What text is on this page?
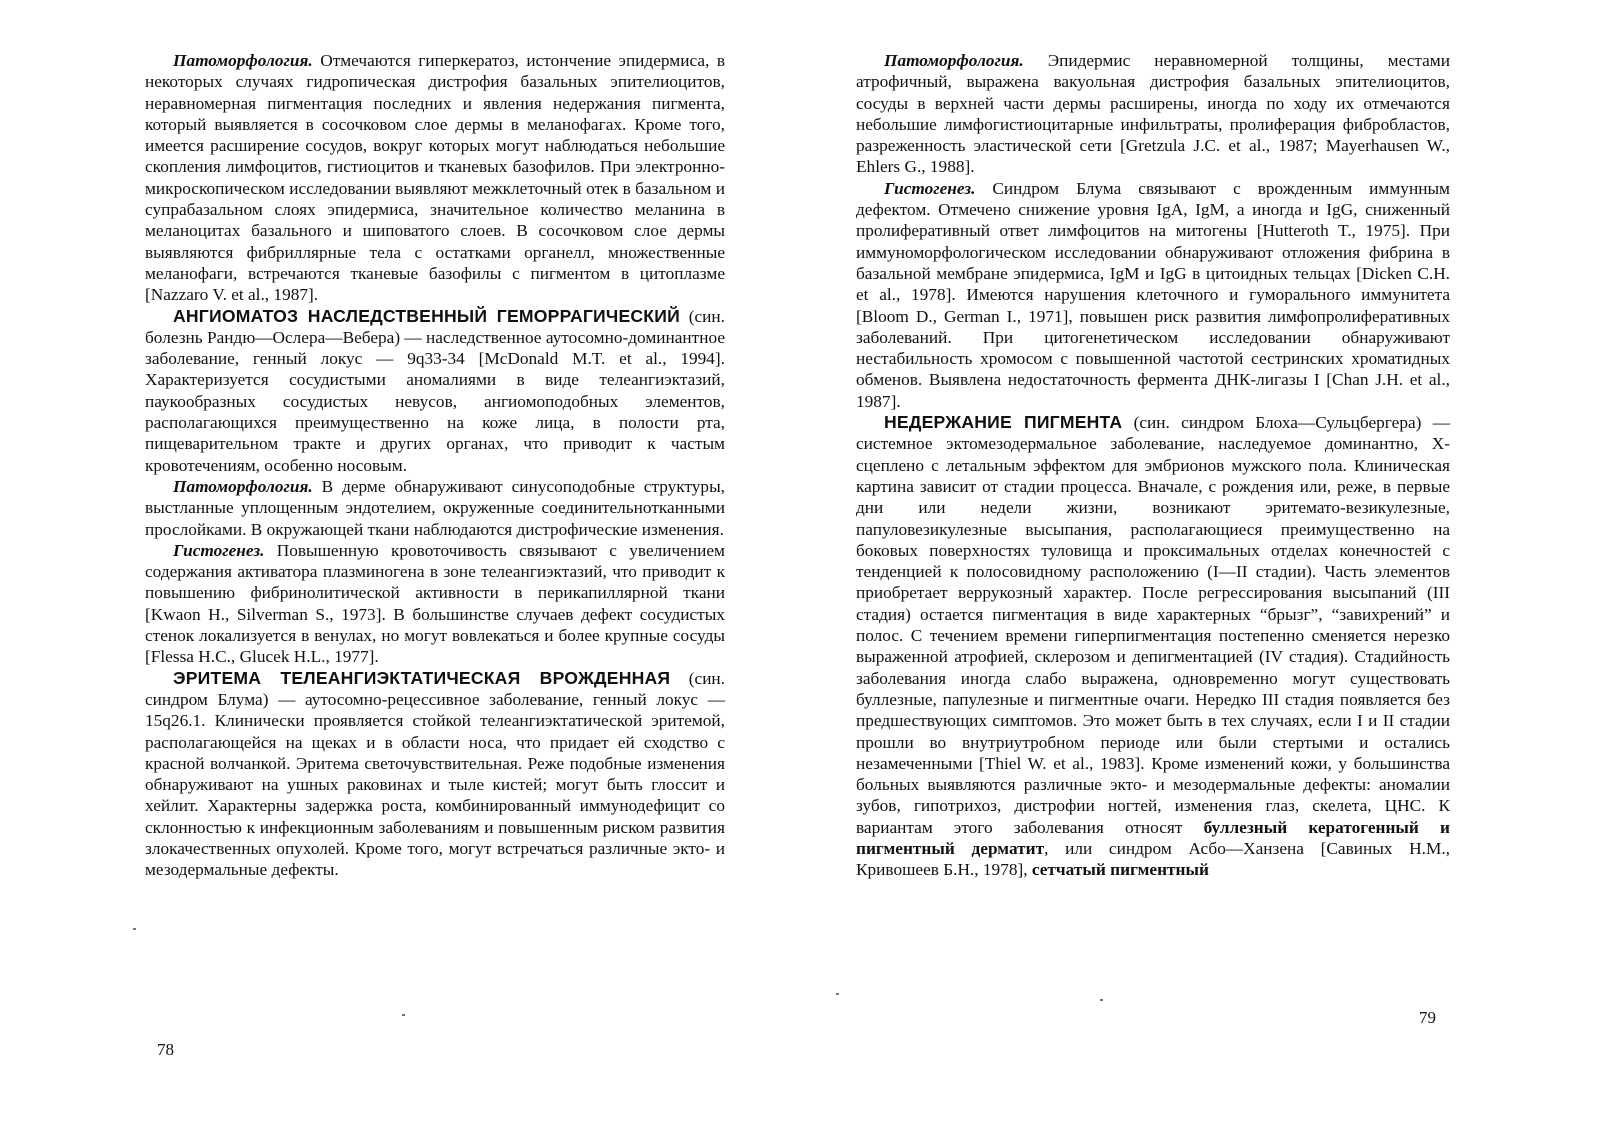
Патоморфология. Отмечаются гиперкератоз, истончение эпидермиса, в некоторых случаях гидропическая дистрофия базальных эпителиоцитов, неравномерная пигментация последних и явления недержания пигмента, который выявляется в сосочковом слое дермы в меланофагах. Кроме того, имеется расширение сосудов, вокруг которых могут наблюдаться небольшие скопления лимфоцитов, гистиоцитов и тканевых базофилов. При электронно-микроскопическом исследовании выявляют межклеточный отек в базальном и супрабазальном слоях эпидермиса, значительное количество меланина в меланоцитах базального и шиповатого слоев. В сосочковом слое дермы выявляются фибриллярные тела с остатками органелл, множественные меланофаги, встречаются тканевые базофилы с пигментом в цитоплазме [Nazzaro V. et al., 1987].

АНГИОМАТОЗ НАСЛЕДСТВЕННЫЙ ГЕМОРРАГИЧЕСКИЙ (син. болезнь Рандю—Ослера—Вебера) — наследственное аутосомно-доминантное заболевание, генный локус — 9q33-34 [McDonald M.T. et al., 1994]. Характеризуется сосудистыми аномалиями в виде телеангиэктазий, паукообразных сосудистых невусов, ангиомоподобных элементов, располагающихся преимущественно на коже лица, в полости рта, пищеварительном тракте и других органах, что приводит к частым кровотечениям, особенно носовым.

Патоморфология. В дерме обнаруживают синусоподобные структуры, выстланные уплощенным эндотелием, окруженные соединительнотканными прослойками. В окружающей ткани наблюдаются дистрофические изменения.

Гистогенез. Повышенную кровоточивость связывают с увеличением содержания активатора плазминогена в зоне телеангиэктазий, что приводит к повышению фибринолитической активности в перикапиллярной ткани [Kwaon H., Silverman S., 1973]. В большинстве случаев дефект сосудистых стенок локализуется в венулах, но могут вовлекаться и более крупные сосуды [Flessa H.C., Glucek H.L., 1977].

ЭРИТЕМА ТЕЛЕАНГИЭКТАТИЧЕСКАЯ ВРОЖДЕННАЯ (син. синдром Блума) — аутосомно-рецессивное заболевание, генный локус — 15q26.1. Клинически проявляется стойкой телеангиэктатической эритемой, располагающейся на щеках и в области носа, что придает ей сходство с красной волчанкой. Эритема светочувствительная. Реже подобные изменения обнаруживают на ушных раковинах и тыле кистей; могут быть глоссит и хейлит. Характерны задержка роста, комбинированный иммунодефицит со склонностью к инфекционным заболеваниям и повышенным риском развития злокачественных опухолей. Кроме того, могут встречаться различные экто- и мезодермальные дефекты.

78

Патоморфология. Эпидермис неравномерной толщины, местами атрофичный, выражена вакуольная дистрофия базальных эпителиоцитов, сосуды в верхней части дермы расширены, иногда по ходу их отмечаются небольшие лимфогистиоцитарные инфильтраты, пролиферация фибробластов, разреженность эластической сети [Gretzula J.C. et al., 1987; Mayerhausen W., Ehlers G., 1988].

Гистогенез. Синдром Блума связывают с врожденным иммунным дефектом. Отмечено снижение уровня IgA, IgM, а иногда и IgG, сниженный пролиферативный ответ лимфоцитов на митогены [Hutteroth T., 1975]. При иммуноморфологическом исследовании обнаруживают отложения фибрина в базальной мембране эпидермиса, IgM и IgG в цитоидных тельцах [Dicken C.H. et al., 1978]. Имеются нарушения клеточного и гуморального иммунитета [Bloom D., German I., 1971], повышен риск развития лимфопролиферативных заболеваний. При цитогенетическом исследовании обнаруживают нестабильность хромосом с повышенной частотой сестринских хроматидных обменов. Выявлена недостаточность фермента ДНК-лигазы I [Chan J.H. et al., 1987].

НЕДЕРЖАНИЕ ПИГМЕНТА (син. синдром Блоха—Сульцбергера) — системное эктомезодермальное заболевание, наследуемое доминантно, Х-сцеплено с летальным эффектом для эмбрионов мужского пола. Клиническая картина зависит от стадии процесса. Вначале, с рождения или, реже, в первые дни или недели жизни, возникают эритемато-везикулезные, папуловезикулезные высыпания, располагающиеся преимущественно на боковых поверхностях туловища и проксимальных отделах конечностей с тенденцией к полосовидному расположению (I—II стадии). Часть элементов приобретает веррукозный характер. После регрессирования высыпаний (III стадия) остается пигментация в виде характерных “брызг”, “завихрений” и полос. С течением времени гиперпигментация постепенно сменяется нерезко выраженной атрофией, склерозом и депигментацией (IV стадия). Стадийность заболевания иногда слабо выражена, одновременно могут существовать буллезные, папулезные и пигментные очаги. Нередко III стадия появляется без предшествующих симптомов. Это может быть в тех случаях, если I и II стадии прошли во внутриутробном периоде или были стертыми и остались незамеченными [Thiel W. et al., 1983]. Кроме изменений кожи, у большинства больных выявляются различные экто- и мезодермальные дефекты: аномалии зубов, гипотрихоз, дистрофии ногтей, изменения глаз, скелета, ЦНС. К вариантам этого заболевания относят буллезный кератогенный и пигментный дерматит, или синдром Асбо—Ханзена [Савиных Н.М., Кривошеев Б.Н., 1978], сетчатый пигментный

79
